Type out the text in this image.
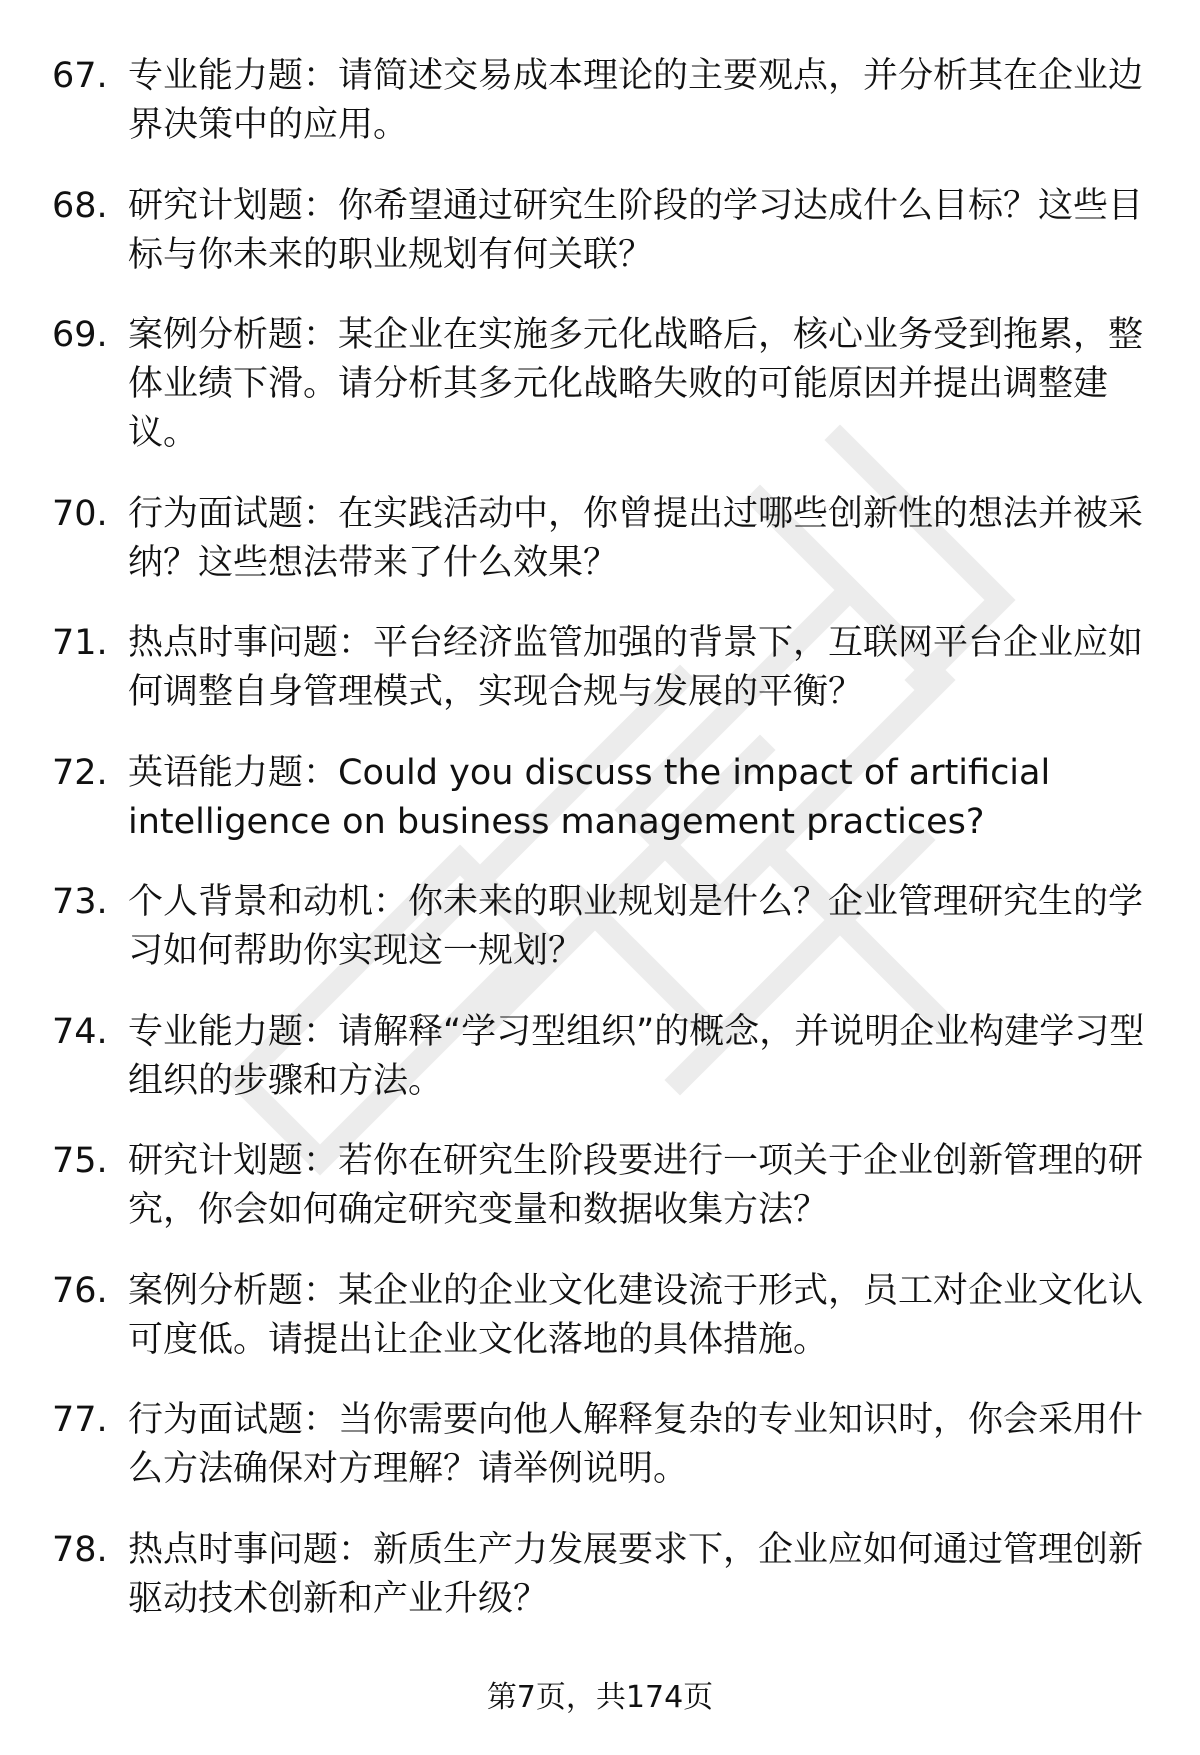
67. 专业能力题：请简述交易成本理论的主要观点，并分析其在企业边界决策中的应用。
68. 研究计划题：你希望通过研究生阶段的学习达成什么目标？这些目标与你未来的职业规划有何关联？
69. 案例分析题：某企业在实施多元化战略后，核心业务受到拖累，整体业绩下滑。请分析其多元化战略失败的可能原因并提出调整建议。
70. 行为面试题：在实践活动中，你曾提出过哪些创新性的想法并被采纳？这些想法带来了什么效果？
71. 热点时事问题：平台经济监管加强的背景下，互联网平台企业应如何调整自身管理模式，实现合规与发展的平衡？
72. 英语能力题：Could you discuss the impact of artificial intelligence on business management practices?
73. 个人背景和动机：你未来的职业规划是什么？企业管理研究生的学习如何帮助你实现这一规划？
74. 专业能力题：请解释“学习型组织”的概念，并说明企业构建学习型组织的步骤和方法。
75. 研究计划题：若你在研究生阶段要进行一项关于企业创新管理的研究，你会如何确定研究变量和数据收集方法？
76. 案例分析题：某企业的企业文化建设流于形式，员工对企业文化认可度低。请提出让企业文化落地的具体措施。
77. 行为面试题：当你需要向他人解释复杂的专业知识时，你会采用什么方法确保对方理解？请举例说明。
78. 热点时事问题：新质生产力发展要求下，企业应如何通过管理创新驱动技术创新和产业升级？
第7页，共174页
